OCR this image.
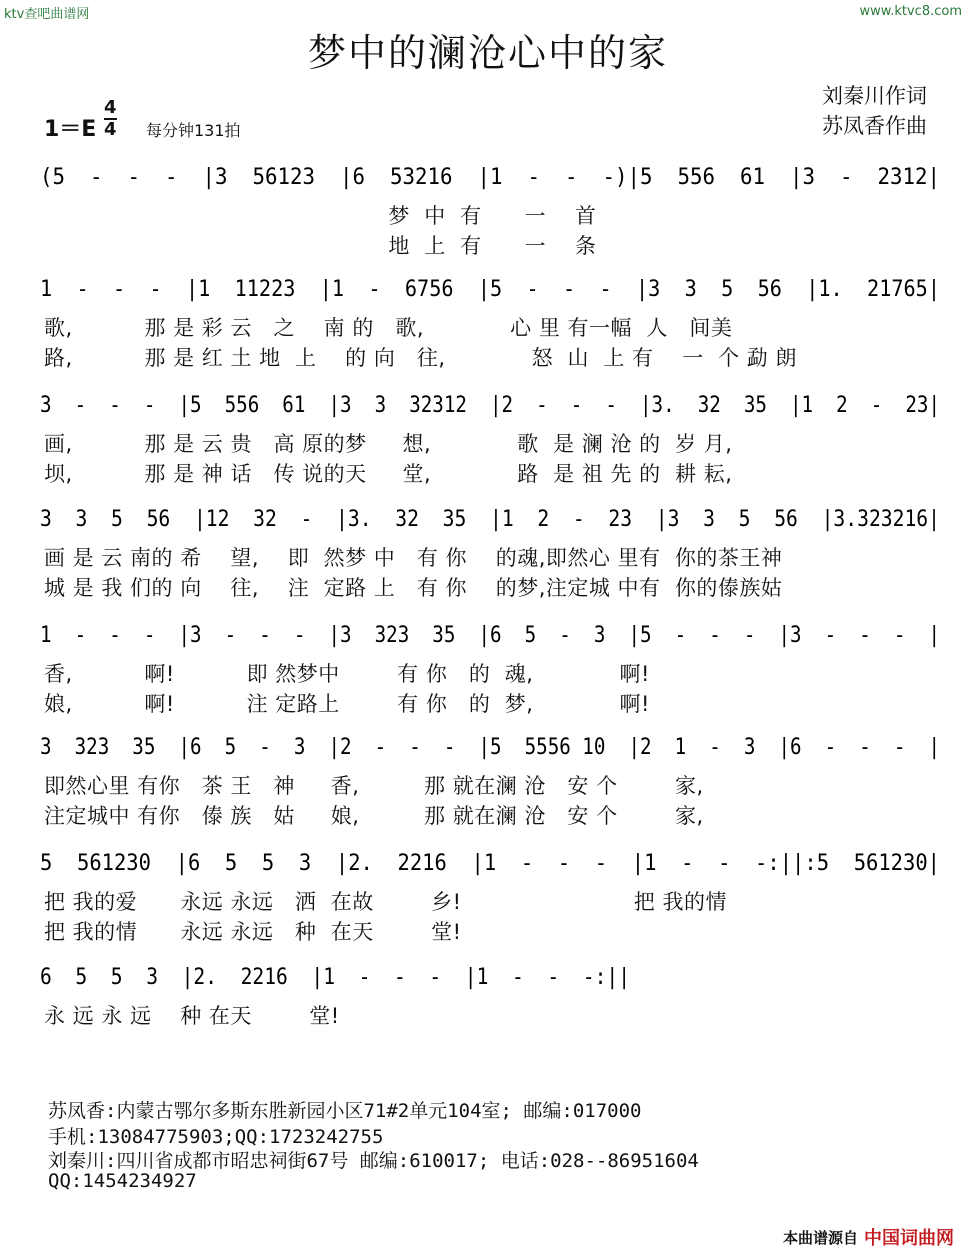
ktv查吧曲谱网	www.ktvc8.com
梦中的澜沧心中的家
刘秦川作词
苏凤香作曲
1＝E
4
4 每分钟131拍
(5  -  -  -  |3  56123  |6  53216  |1  -  -  -)|5  556  61  |3  -  2312|
梦  中  有      一    首
地  上  有      一    条
1  -  -  -  |1  11223  |1  -  6756  |5  -  -  -  |3  3  5  56  |1.  21765|
歌,          那 是 彩 云   之    南 的   歌,            心 里 有一幅  人   间美
路,          那 是 红 土 地  上    的 向   往,            怒  山  上 有    一  个 勐 朗
3  -  -  -  |5  556  61  |3  3  32312  |2  -  -  -  |3.  32  35  |1  2  -  23|
画,          那 是 云 贵   高 原的梦     想,            歌  是 澜 沧 的  岁 月,
坝,          那 是 神 话   传 说的天     堂,            路  是 祖 先 的  耕 耘,
3  3  5  56  |12  32  -  |3.  32  35  |1  2  -  23  |3  3  5  56  |3.323216|
画 是 云 南的 希    望,    即  然梦 中   有 你    的魂,即然心 里有  你的茶王神
城 是 我 们的 向    往,    注  定路 上   有 你    的梦,注定城 中有  你的傣族姑
1  -  -  -  |3  -  -  -  |3  323  35  |6  5  -  3  |5  -  -  -  |3  -  -  -  |
香,          啊!          即 然梦中        有 你   的  魂,            啊!
娘,          啊!          注 定路上        有 你   的  梦,            啊!
3  323  35  |6  5  -  3  |2  -  -  -  |5  5556 10  |2  1  -  3  |6  -  -  -  |
即然心里 有你   茶 王   神     香,         那 就在澜 沧   安 个        家,
注定城中 有你   傣 族   姑     娘,         那 就在澜 沧   安 个        家,
5  561230  |6  5  5  3  |2.  2216  |1  -  -  -  |1  -  -  -:||:5  561230|
把 我的爱      永远 永远   洒  在故        乡!                        把 我的情
把 我的情      永远 永远   种  在天        堂!
6  5  5  3  |2.  2216  |1  -  -  -  |1  -  -  -:||
永 远 永 远    种 在天        堂!
苏凤香:内蒙古鄂尔多斯东胜新园小区71#2单元104室; 邮编:017000
手机:13084775903;QQ:1723242755
刘秦川:四川省成都市昭忠祠街67号 邮编:610017; 电话:028--86951604
QQ:1454234927
本曲谱源自 中国词曲网
